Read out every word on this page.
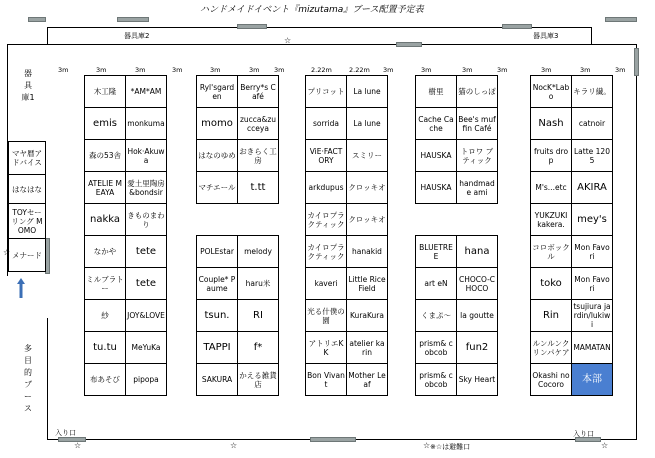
ハンドメイドイベント『mizutama』ブース配置予定表
☆
☆
☆	☆	☆	☆
器具庫2	器具庫3
器具庫1
多目的ブース
入り口	入り口
※☆は避難口
3m	3m	3m	3m	3m	3m 3m	2.22m	2.22m 3m	3m	3m	3m	3m	3m	3m
マヤ暦アドバイス
はなはな
TOYセーリング MOMO
メナード
木工隆	*AM*AM
emis	monkuma
森の53舎	Hok·Akuwa
ATELIE MEAYA	愛土里陶房&bondsir
nakka	きものまわり
なかや	tete
ミルブラトー	tete
紗	JOY&LOVE
tu.tu	MeYuKa
布あそび	pipopa
Ryl'sgarden	Berry*s Café
momo	zucca&zucceya
はなのゆめ	おきらく工房
マチエール	t.tt

POLEstar	melody
Couple* Paume	haru米
tsun.	RI
TAPPI	f*
SAKURA	かえる雑貨店
プリコット	La lune
sorrida	La lune
ViE·FACTORY	スミリー
arkdupus	クロッキオ
カイロプラクティック	クロッキオ
カイロプラクティック	hanakid
kaveri	Little Rice Field
光る什僕の園	KuraKura
アトリエKK	atelier karin
Bon Vivant	Mother Leaf
樹里	猫のしっぽ
Cache Cache	Bee's muffin Café
HAUSKA	トロワ ブティック
HAUSKA	handmade ami

BLUETREE	hana
art eN	CHOCO-CHOCO
くまぷ～	la goutte
prism& cobcob	fun2
prism& cobcob	Sky Heart
NocK*Labo	キラリ繊。
Nash	catnoir
fruits drop	Latte 1205
M's...etc	AKIRA
YUKZUKI kakera.	mey's
コロボックル	Mon Favori
toko	Mon Favori
Rin	tsujiura jardin/lukiwi
ルンルンクリンパケア	MAMATAN
Okashi no Cocoro	本部
